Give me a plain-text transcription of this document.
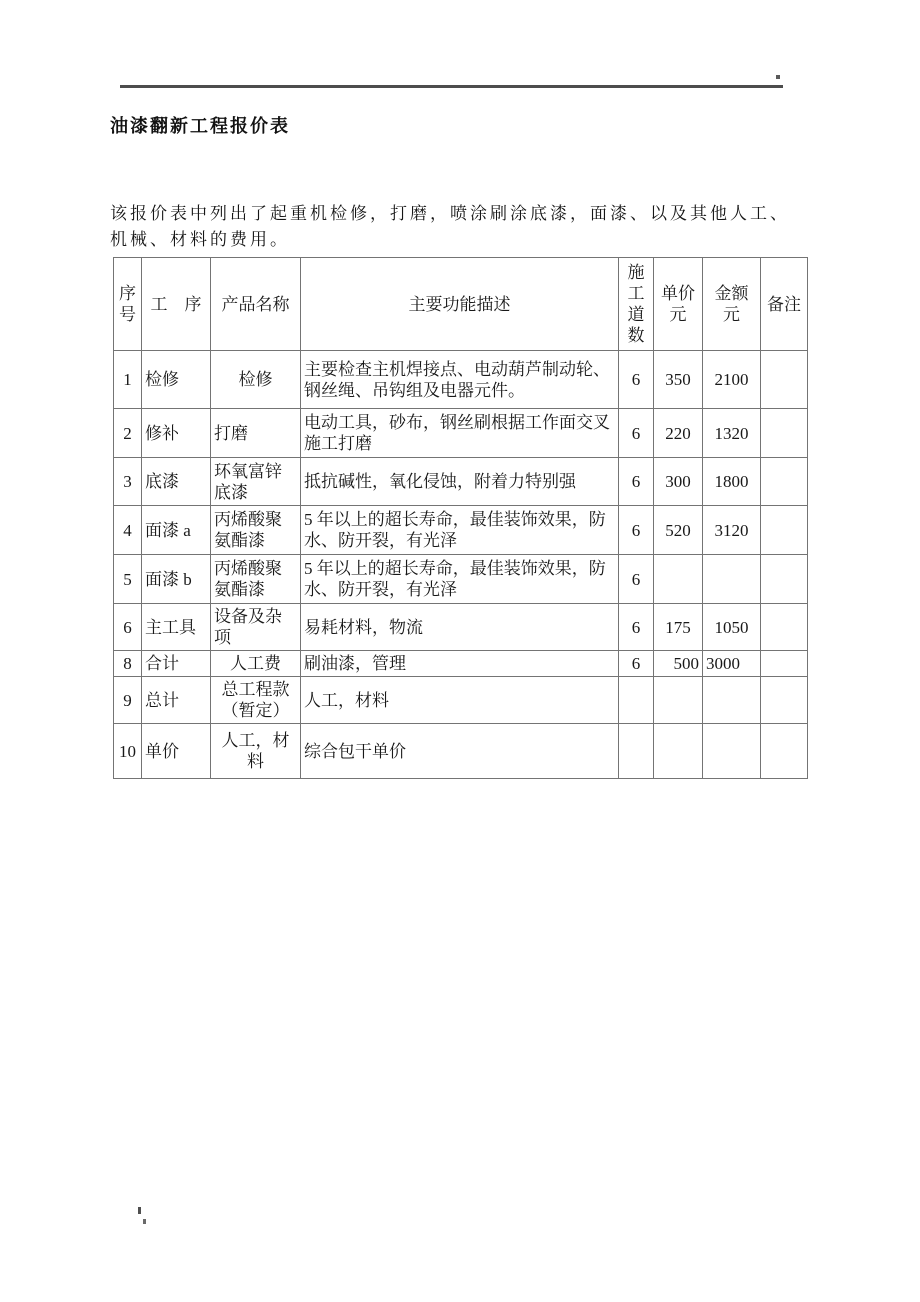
油漆翻新工程报价表
该报价表中列出了起重机检修，打磨，喷涂刷涂底漆，面漆、以及其他人工、
机械、材料的费用。
序号	工　序	产品名称	主要功能描述	施工道数	单价元	金额元	备注
1	检修	检修	主要检查主机焊接点、电动葫芦制动轮、钢丝绳、吊钩组及电器元件。	6	350	2100	
2	修补	打磨	电动工具，砂布，钢丝刷根据工作面交叉施工打磨	6	220	1320	
3	底漆	环氧富锌底漆	抵抗碱性，氧化侵蚀，附着力特别强	6	300	1800	
4	面漆 a	丙烯酸聚氨酯漆	5 年以上的超长寿命，最佳装饰效果，防水、防开裂，有光泽	6	520	3120	
5	面漆 b	丙烯酸聚氨酯漆	5 年以上的超长寿命，最佳装饰效果，防水、防开裂，有光泽	6			
6	主工具	设备及杂项	易耗材料，物流	6	175	1050	
8	合计	人工费	刷油漆，管理	6	500	3000	
9	总计	总工程款（暂定）	人工，材料				
10	单价	人工，材料	综合包干单价				
